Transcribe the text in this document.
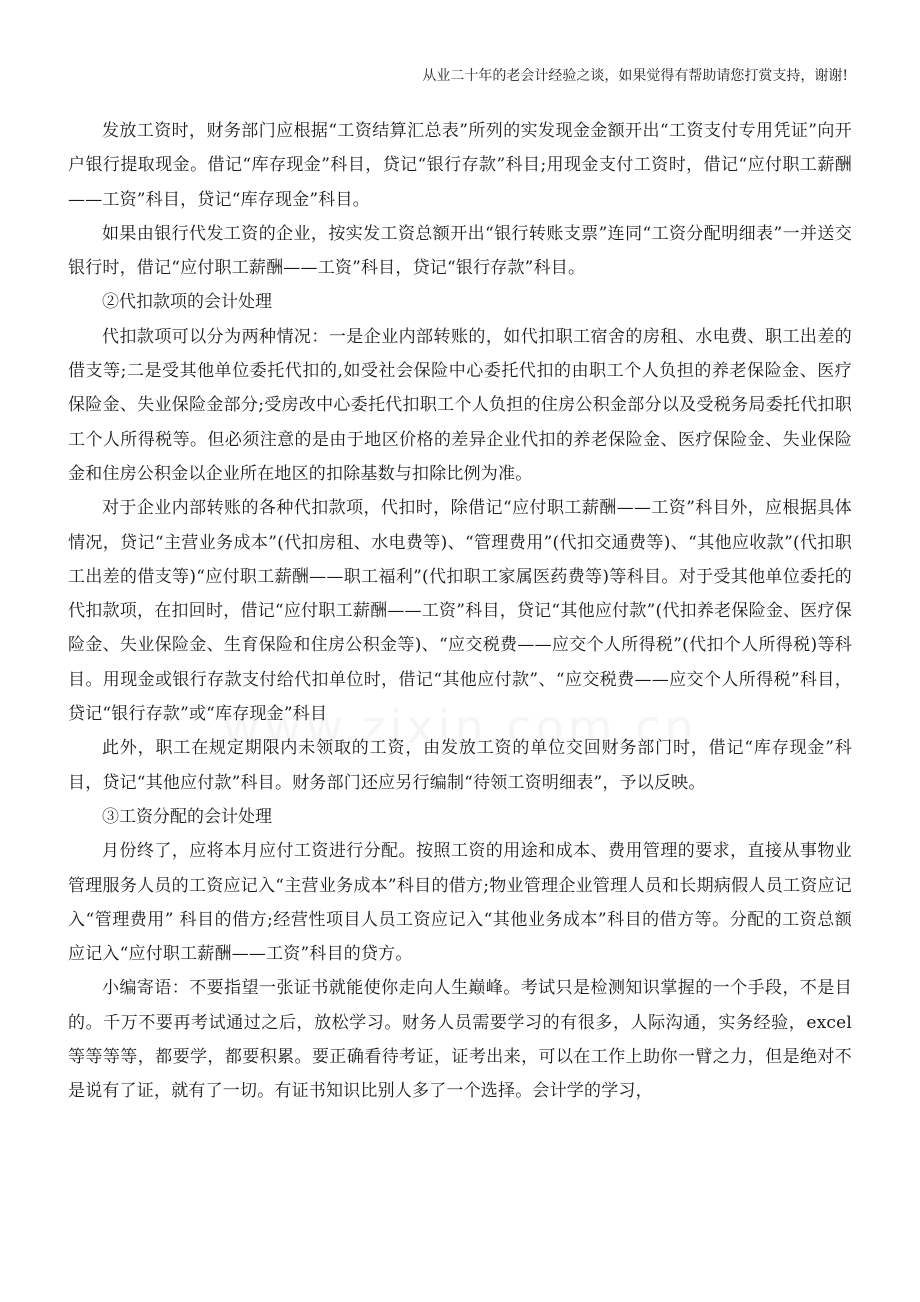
从业二十年的老会计经验之谈，如果觉得有帮助请您打赏支持，谢谢!

发放工资时，财务部门应根据“工资结算汇总表”所列的实发现金金额开出“工资支付专用凭证”向开户银行提取现金。借记“库存现金”科目，贷记“银行存款”科目;用现金支付工资时，借记“应付职工薪酬——工资”科目，贷记“库存现金”科目。

如果由银行代发工资的企业，按实发工资总额开出“银行转账支票”连同“工资分配明细表”一并送交银行时，借记“应付职工薪酬——工资”科目，贷记“银行存款”科目。

②代扣款项的会计处理

代扣款项可以分为两种情况：一是企业内部转账的，如代扣职工宿舍的房租、水电费、职工出差的借支等;二是受其他单位委托代扣的,如受社会保险中心委托代扣的由职工个人负担的养老保险金、医疗保险金、失业保险金部分;受房改中心委托代扣职工个人负担的住房公积金部分以及受税务局委托代扣职工个人所得税等。但必须注意的是由于地区价格的差异企业代扣的养老保险金、医疗保险金、失业保险金和住房公积金以企业所在地区的扣除基数与扣除比例为准。

对于企业内部转账的各种代扣款项，代扣时，除借记“应付职工薪酬——工资”科目外，应根据具体情况，贷记“主营业务成本”(代扣房租、水电费等)、“管理费用”(代扣交通费等)、“其他应收款”(代扣职工出差的借支等)“应付职工薪酬——职工福利”(代扣职工家属医药费等)等科目。对于受其他单位委托的代扣款项，在扣回时，借记“应付职工薪酬——工资”科目，贷记“其他应付款”(代扣养老保险金、医疗保险金、失业保险金、生育保险和住房公积金等)、“应交税费——应交个人所得税”(代扣个人所得税)等科目。用现金或银行存款支付给代扣单位时，借记“其他应付款”、“应交税费——应交个人所得税”科目，贷记“银行存款”或“库存现金”科目

此外，职工在规定期限内未领取的工资，由发放工资的单位交回财务部门时，借记“库存现金”科目，贷记“其他应付款”科目。财务部门还应另行编制“待领工资明细表”，予以反映。

③工资分配的会计处理

月份终了，应将本月应付工资进行分配。按照工资的用途和成本、费用管理的要求，直接从事物业管理服务人员的工资应记入“主营业务成本”科目的借方;物业管理企业管理人员和长期病假人员工资应记入“管理费用” 科目的借方;经营性项目人员工资应记入“其他业务成本”科目的借方等。分配的工资总额应记入“应付职工薪酬——工资”科目的贷方。

小编寄语：不要指望一张证书就能使你走向人生巅峰。考试只是检测知识掌握的一个手段，不是目的。千万不要再考试通过之后，放松学习。财务人员需要学习的有很多，人际沟通，实务经验，excel等等等等，都要学，都要积累。要正确看待考证，证考出来，可以在工作上助你一臂之力，但是绝对不是说有了证，就有了一切。有证书知识比别人多了一个选择。会计学的学习，
